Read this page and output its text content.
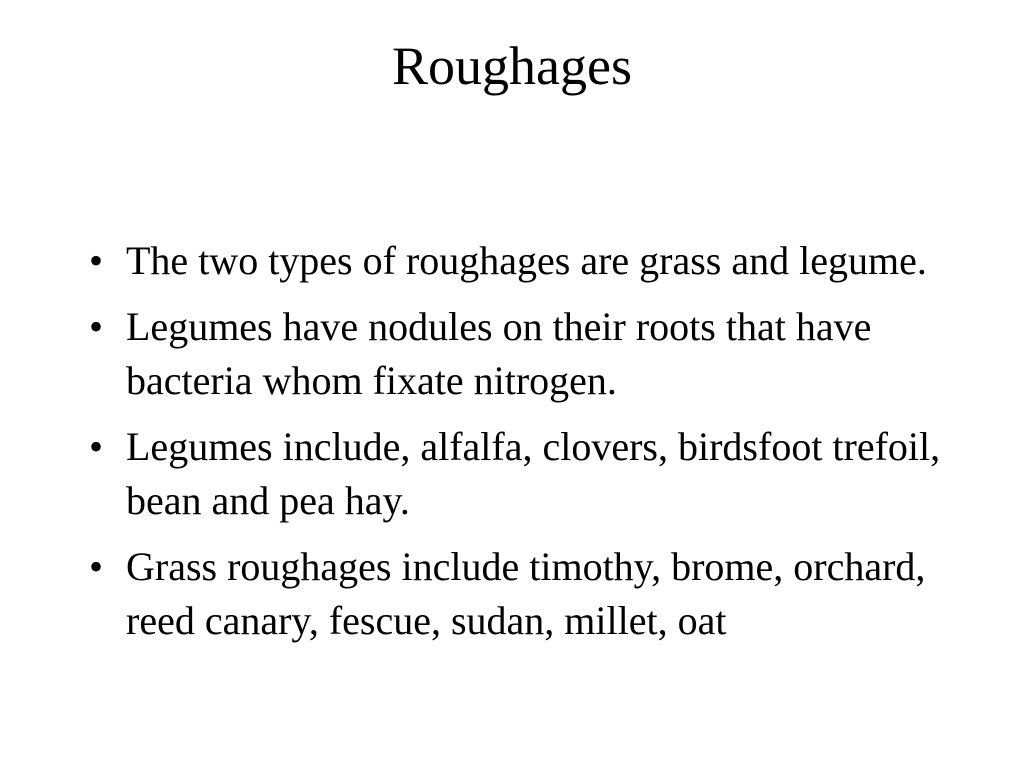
Roughages
• The two types of roughages are grass and legume.
• Legumes have nodules on their roots that have bacteria whom fixate nitrogen.
• Legumes include, alfalfa, clovers, birdsfoot trefoil, bean and pea hay.
• Grass roughages include timothy, brome, orchard, reed canary, fescue, sudan, millet, oat
